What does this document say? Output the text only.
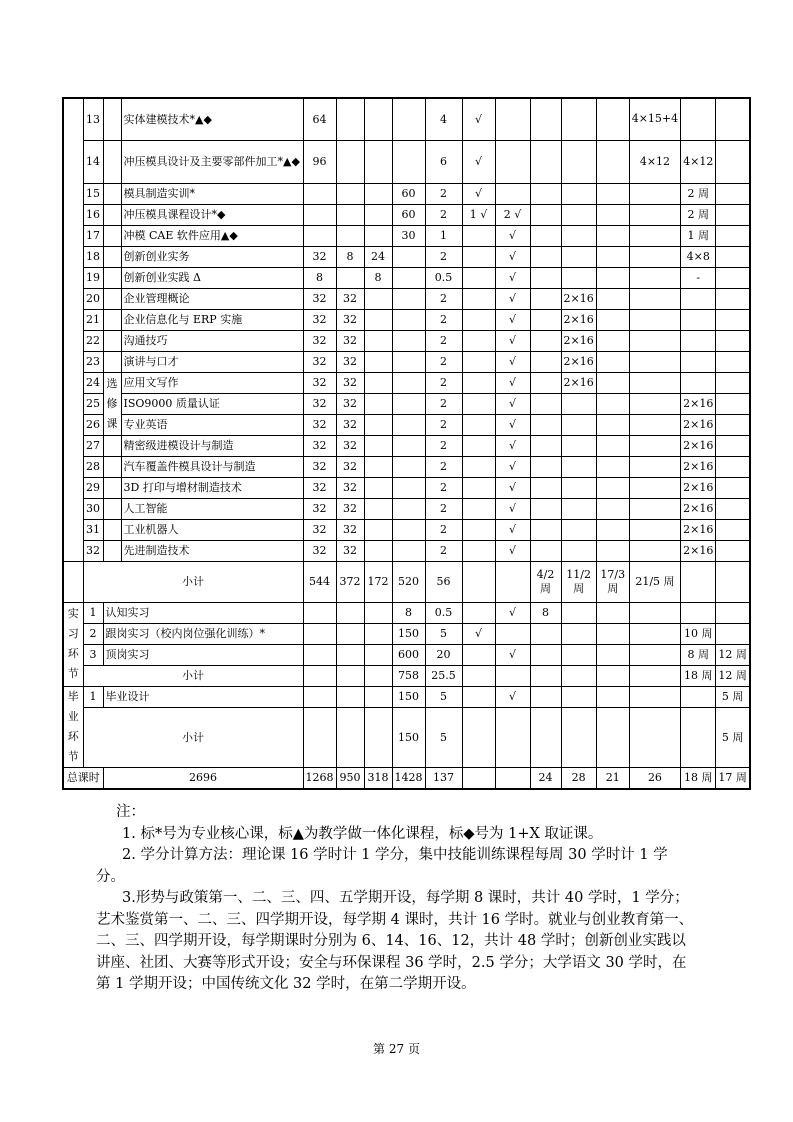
	13		实体建模技术*▲◆	64				4	√					4×15+4		
	14		冲压模具设计及主要零部件加工*▲◆	96				6	√					4×12	4×12	
	15		模具制造实训*				60	2	√						2 周	
	16		冲压模具课程设计*◆				60	2	1 √	2 √					2 周	
	17		冲模 CAE 软件应用▲◆				30	1		√					1 周	
	18		创新创业实务	32	8	24		2		√					4×8	
	19		创新创业实践 Δ	8		8		0.5		√					-	
	20		企业管理概论	32	32			2		√		2×16				
	21		企业信息化与 ERP 实施	32	32			2		√		2×16				
	22		沟通技巧	32	32			2		√		2×16				
	23		演讲与口才	32	32			2		√		2×16				
	24	选修课	应用文写作	32	32			2		√		2×16				
	25		ISO9000 质量认证	32	32			2		√					2×16	
	26		专业英语	32	32			2		√					2×16	
	27		精密级进模设计与制造	32	32			2		√					2×16	
	28		汽车覆盖件模具设计与制造	32	32			2		√					2×16	
	29		3D 打印与增材制造技术	32	32			2		√					2×16	
	30		人工智能	32	32			2		√					2×16	
	31		工业机器人	32	32			2		√					2×16	
	32		先进制造技术	32	32			2		√					2×16	
	小计			544	372	172	520	56			4/2 周	11/2 周	17/3 周	21/5 周		
实习环节	1	认知实习					8	0.5		√	8					
	2	跟岗实习（校内岗位强化训练）*					150	5	√						10 周	
	3	顶岗实习					600	20		√					8 周	12 周
	小计						758	25.5							18 周	12 周
毕业环节	1	毕业设计					150	5		√						5 周
	小计						150	5								5 周
总课时		2696		1268	950	318	1428	137			24	28	21	26	18 周	17 周

注：

1. 标*号为专业核心课，标▲为教学做一体化课程，标◆号为 1+X 取证课。

2. 学分计算方法：理论课 16 学时计 1 学分，集中技能训练课程每周 30 学时计 1 学分。

3.形势与政策第一、二、三、四、五学期开设，每学期 8 课时，共计 40 学时，1 学分；艺术鉴赏第一、二、三、四学期开设，每学期 4 课时，共计 16 学时。就业与创业教育第一、二、三、四学期开设，每学期课时分别为 6、14、16、12，共计 48 学时；创新创业实践以讲座、社团、大赛等形式开设；安全与环保课程 36 学时，2.5 学分；大学语文 30 学时，在第 1 学期开设；中国传统文化 32 学时，在第二学期开设。

第 27 页
